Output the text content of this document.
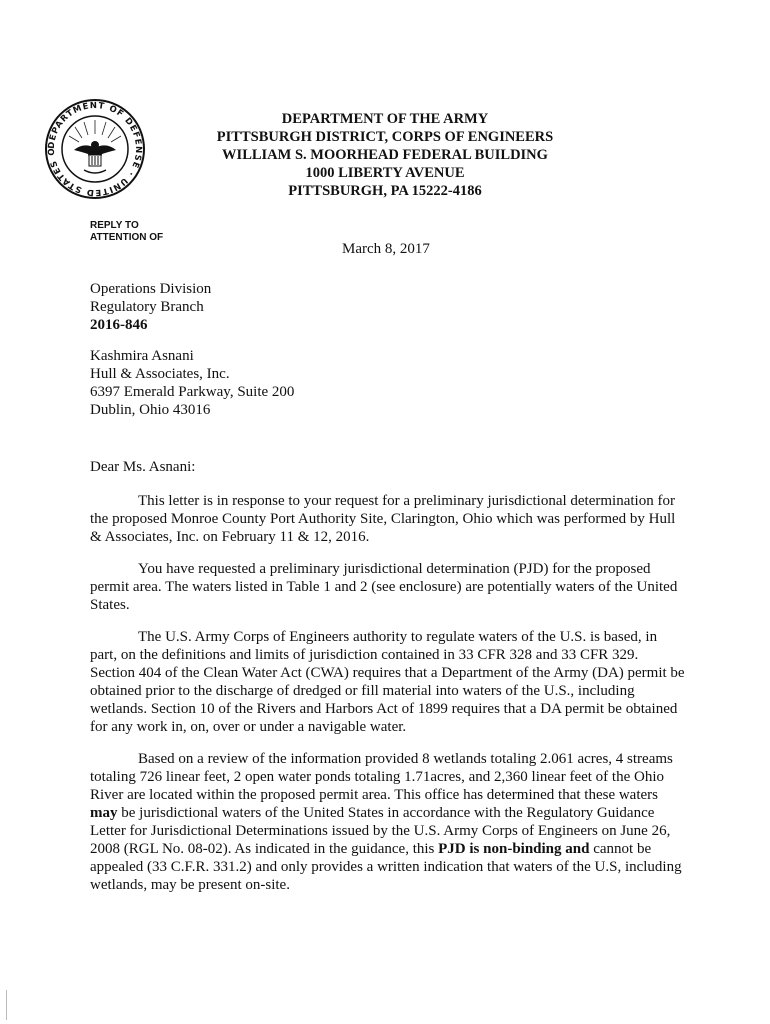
DEPARTMENT OF DEFENSE · UNITED STATES O
DEPARTMENT OF THE ARMY
PITTSBURGH DISTRICT, CORPS OF ENGINEERS
WILLIAM S. MOORHEAD FEDERAL BUILDING
1000 LIBERTY AVENUE
PITTSBURGH, PA 15222-4186
REPLY TO
ATTENTION OF
March 8, 2017
Operations Division
Regulatory Branch
2016-846
Kashmira Asnani
Hull & Associates, Inc.
6397 Emerald Parkway, Suite 200
Dublin, Ohio 43016
Dear Ms. Asnani:

This letter is in response to your request for a preliminary jurisdictional determination for the proposed Monroe County Port Authority Site, Clarington, Ohio which was performed by Hull & Associates, Inc. on February 11 & 12, 2016.

You have requested a preliminary jurisdictional determination (PJD) for the proposed permit area. The waters listed in Table 1 and 2 (see enclosure) are potentially waters of the United States.

The U.S. Army Corps of Engineers authority to regulate waters of the U.S. is based, in part, on the definitions and limits of jurisdiction contained in 33 CFR 328 and 33 CFR 329. Section 404 of the Clean Water Act (CWA) requires that a Department of the Army (DA) permit be obtained prior to the discharge of dredged or fill material into waters of the U.S., including wetlands. Section 10 of the Rivers and Harbors Act of 1899 requires that a DA permit be obtained for any work in, on, over or under a navigable water.

Based on a review of the information provided 8 wetlands totaling 2.061 acres, 4 streams totaling 726 linear feet, 2 open water ponds totaling 1.71acres, and 2,360 linear feet of the Ohio River are located within the proposed permit area. This office has determined that these waters may be jurisdictional waters of the United States in accordance with the Regulatory Guidance Letter for Jurisdictional Determinations issued by the U.S. Army Corps of Engineers on June 26, 2008 (RGL No. 08-02). As indicated in the guidance, this PJD is non-binding and cannot be appealed (33 C.F.R. 331.2) and only provides a written indication that waters of the U.S, including wetlands, may be present on-site.
